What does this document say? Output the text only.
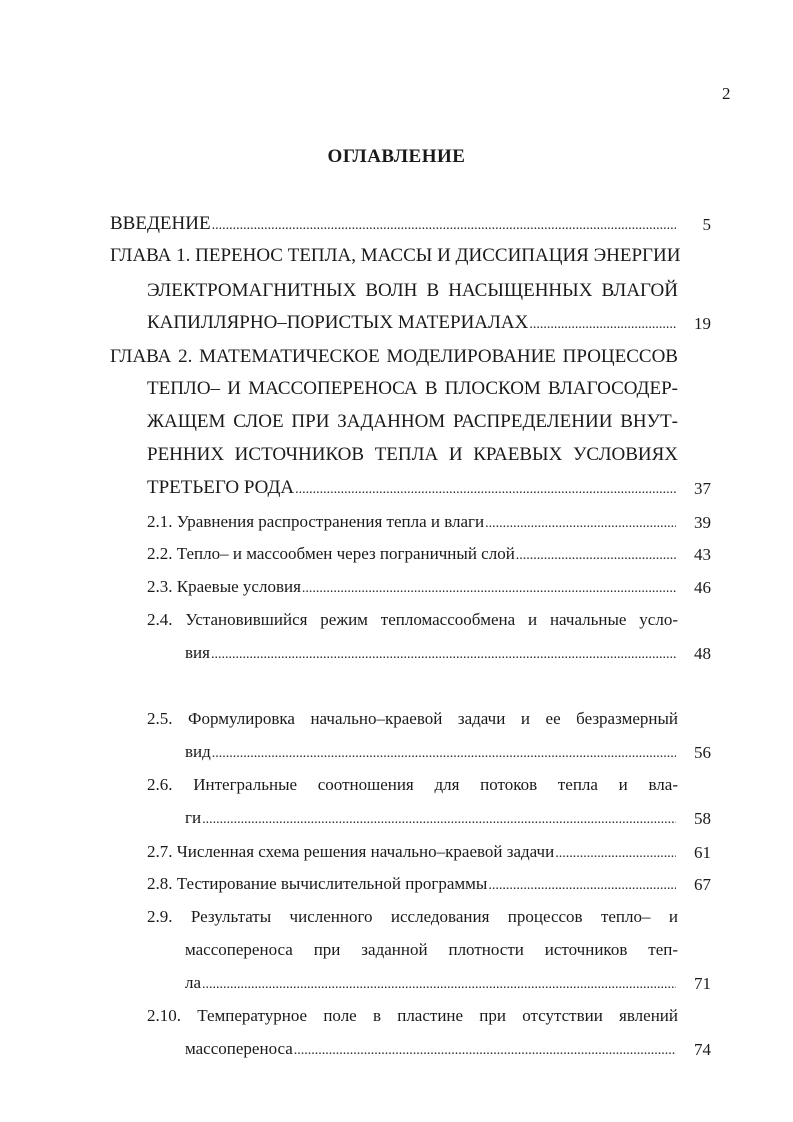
2
ОГЛАВЛЕНИЕ
ВВЕДЕНИЕ .....	5
ГЛАВА 1. ПЕРЕНОС ТЕПЛА, МАССЫ И ДИССИПАЦИЯ ЭНЕРГИИ
ЭЛЕКТРОМАГНИТНЫХ ВОЛН В НАСЫЩЕННЫХ ВЛАГОЙ
КАПИЛЛЯРНО–ПОРИСТЫХ МАТЕРИАЛАХ .....	19
ГЛАВА 2. МАТЕМАТИЧЕСКОЕ МОДЕЛИРОВАНИЕ ПРОЦЕССОВ
ТЕПЛО– И МАССОПЕРЕНОСА В ПЛОСКОМ ВЛАГОСОДЕР-
ЖАЩЕМ СЛОЕ ПРИ ЗАДАННОМ РАСПРЕДЕЛЕНИИ ВНУТ-
РЕННИХ ИСТОЧНИКОВ ТЕПЛА И КРАЕВЫХ УСЛОВИЯХ
ТРЕТЬЕГО РОДА .....	37
2.1. Уравнения распространения тепла и влаги .....	39
2.2. Тепло– и массообмен через пограничный слой .....	43
2.3. Краевые условия .....	46
2.4. Установившийся режим тепломассообмена и начальные усло-
вия .....	48
2.5. Формулировка начально–краевой задачи и ее безразмерный
вид .....	56
2.6. Интегральные соотношения для потоков тепла и вла-
ги .....	58
2.7. Численная схема решения начально–краевой задачи .....	61
2.8. Тестирование вычислительной программы .....	67
2.9. Результаты численного исследования процессов тепло– и
массопереноса при заданной плотности источников теп-
ла .....	71
2.10. Температурное поле в пластине при отсутствии явлений
массопереноса .....	74
